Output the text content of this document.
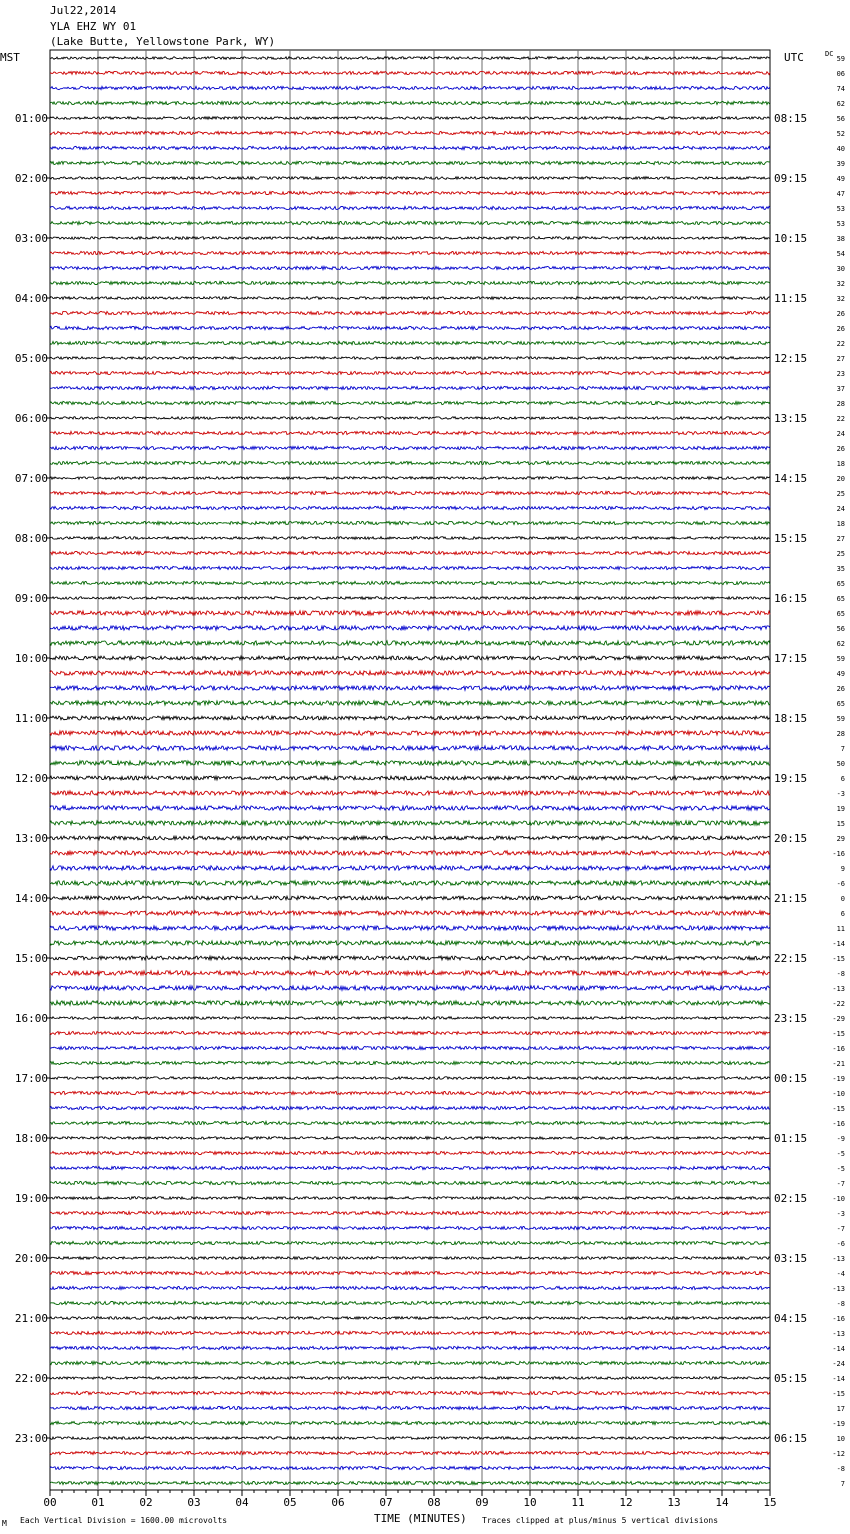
Jul22,2014
YLA EHZ WY 01
(Lake Butte, Yellowstone Park, WY)
MST	UTC
01:00
02:00
03:00
04:00
05:00
06:00
07:00
08:00
09:00
10:00
11:00
12:00
13:00
14:00
15:00
16:00
17:00
18:00
19:00
20:00
21:00
22:00
23:00
08:15
09:15
10:15
11:15
12:15
13:15
14:15
15:15
16:15
17:15
18:15
19:15
20:15
21:15
22:15
23:15
00:15
01:15
02:15
03:15
04:15
05:15
06:15
DC
59
06
74
62
56
52
40
39
49
47
53
53
38
54
30
32
32
26
26
22
27
23
37
28
22
24
26
18
20
25
24
18
27
25
35
65
65
65
56
62
59
49
26
65
59
28
7
50
6
-3
19
15
29
-16
9
-6
0
6
11
-14
-15
-8
-13
-22
-29
-15
-16
-21
-19
-10
-15
-16
-9
-5
-5
-7
-10
-3
-7
-6
-13
-4
-13
-8
-16
-13
-14
-24
-14
-15
17
-19
10
-12
-8
7
00	01	02	03	04	05	06	07	08	09	10	11	12	13	14	15
M Each Vertical Division = 1600.00 microvolts	TIME (MINUTES) Traces clipped at plus/minus 5 vertical divisions
